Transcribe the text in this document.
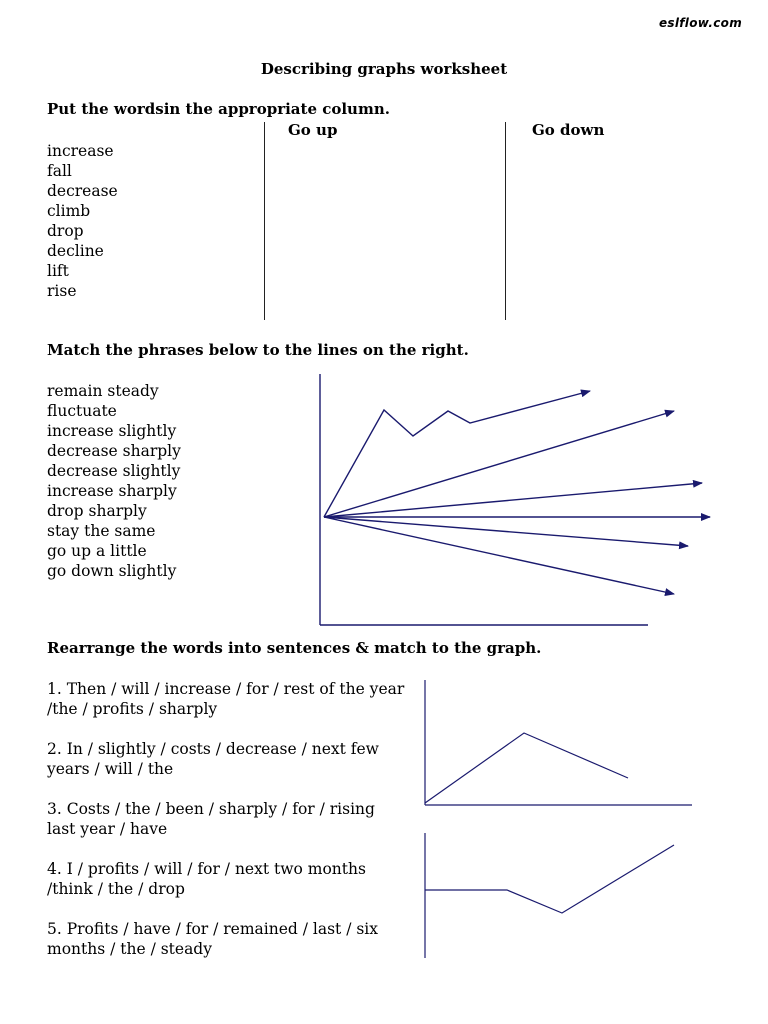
eslflow.com
Describing graphs worksheet
Put the wordsin the appropriate column.
Go up	Go down
increase
fall
decrease
climb
drop
decline
lift
rise
Match the phrases below to the lines on the right.
remain steady
fluctuate
increase slightly
decrease sharply
decrease slightly
increase sharply
drop sharply
stay the same
go up a little
go down slightly
Rearrange the words into sentences & match to the graph.
1. Then / will / increase / for / rest of the year /the / profits / sharply
2. In / slightly / costs / decrease / next few years / will / the
3. Costs / the / been / sharply / for / rising last year / have
4. I / profits / will / for / next two months /think / the / drop
5. Profits / have / for / remained / last / six months / the / steady
